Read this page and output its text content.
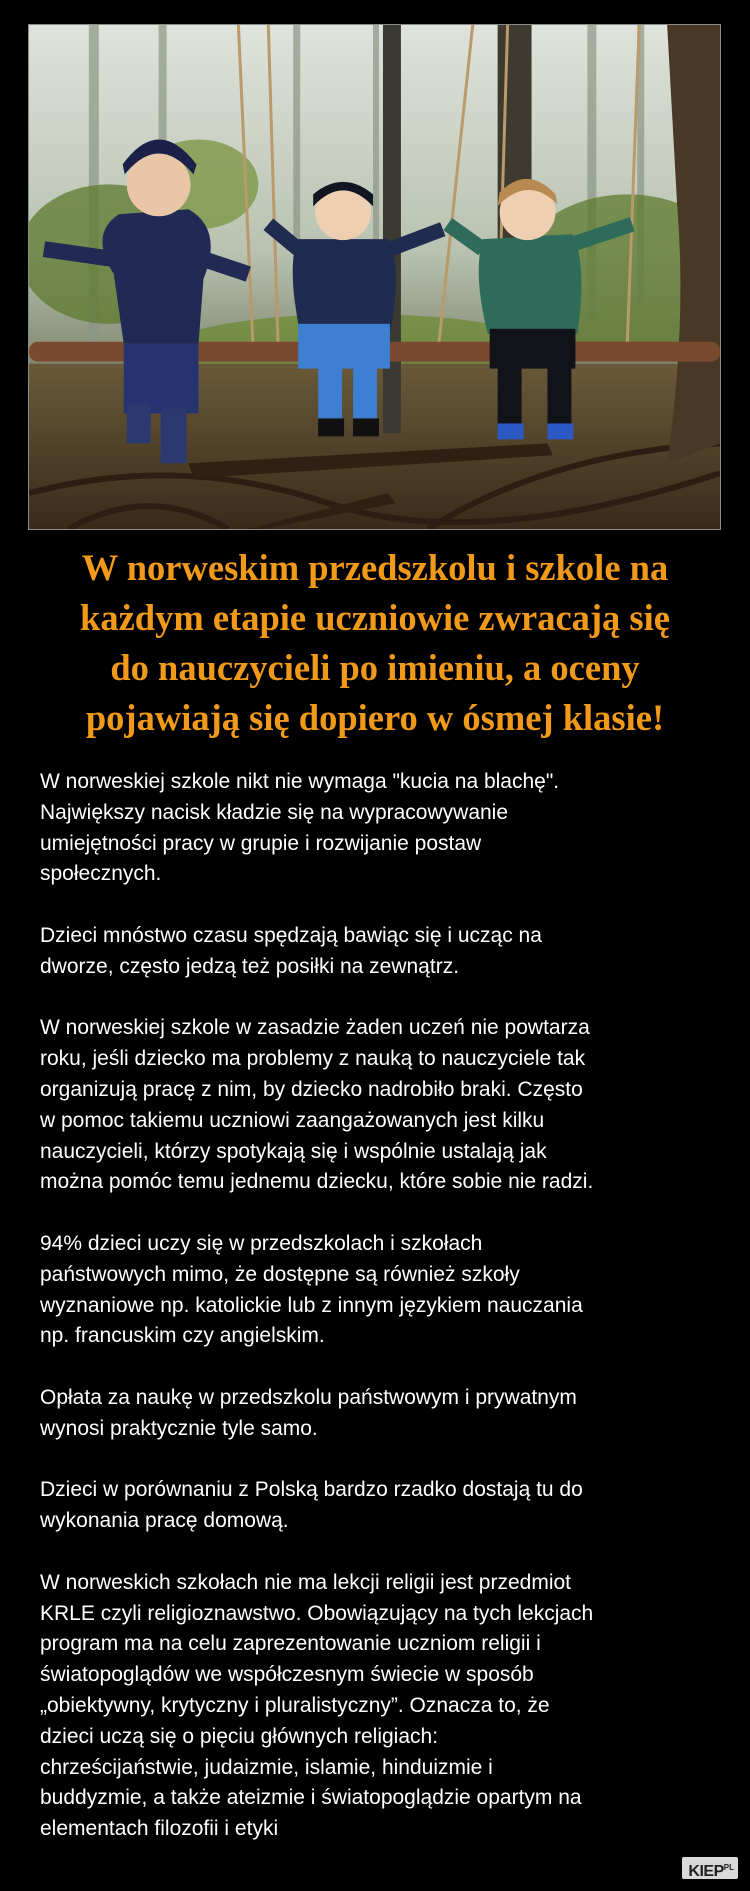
W norweskim przedszkolu i szkole na
każdym etapie uczniowie zwracają się
do nauczycieli po imieniu, a oceny
pojawiają się dopiero w ósmej klasie!

W norweskiej szkole nikt nie wymaga "kucia na blachę".
Największy nacisk kładzie się na wypracowywanie
umiejętności pracy w grupie i rozwijanie postaw
społecznych.

Dzieci mnóstwo czasu spędzają bawiąc się i ucząc na
dworze, często jedzą też posiłki na zewnątrz.

W norweskiej szkole w zasadzie żaden uczeń nie powtarza
roku, jeśli dziecko ma problemy z nauką to nauczyciele tak
organizują pracę z nim, by dziecko nadrobiło braki. Często
w pomoc takiemu uczniowi zaangażowanych jest kilku
nauczycieli, którzy spotykają się i wspólnie ustalają jak
można pomóc temu jednemu dziecku, które sobie nie radzi.

94% dzieci uczy się w przedszkolach i szkołach
państwowych mimo, że dostępne są również szkoły
wyznaniowe np. katolickie lub z innym językiem nauczania
np. francuskim czy angielskim.

Opłata za naukę w przedszkolu państwowym i prywatnym
wynosi praktycznie tyle samo.

Dzieci w porównaniu z Polską bardzo rzadko dostają tu do
wykonania pracę domową.

W norweskich szkołach nie ma lekcji religii jest przedmiot
KRLE czyli religioznawstwo. Obowiązujący na tych lekcjach
program ma na celu zaprezentowanie uczniom religii i
światopoglądów we współczesnym świecie w sposób
„obiektywny, krytyczny i pluralistyczny”. Oznacza to, że
dzieci uczą się o pięciu głównych religiach:
chrześcijaństwie, judaizmie, islamie, hinduizmie i
buddyzmie, a także ateizmie i światopoglądzie opartym na
elementach filozofii i etyki

$KIEP^{PL}$
